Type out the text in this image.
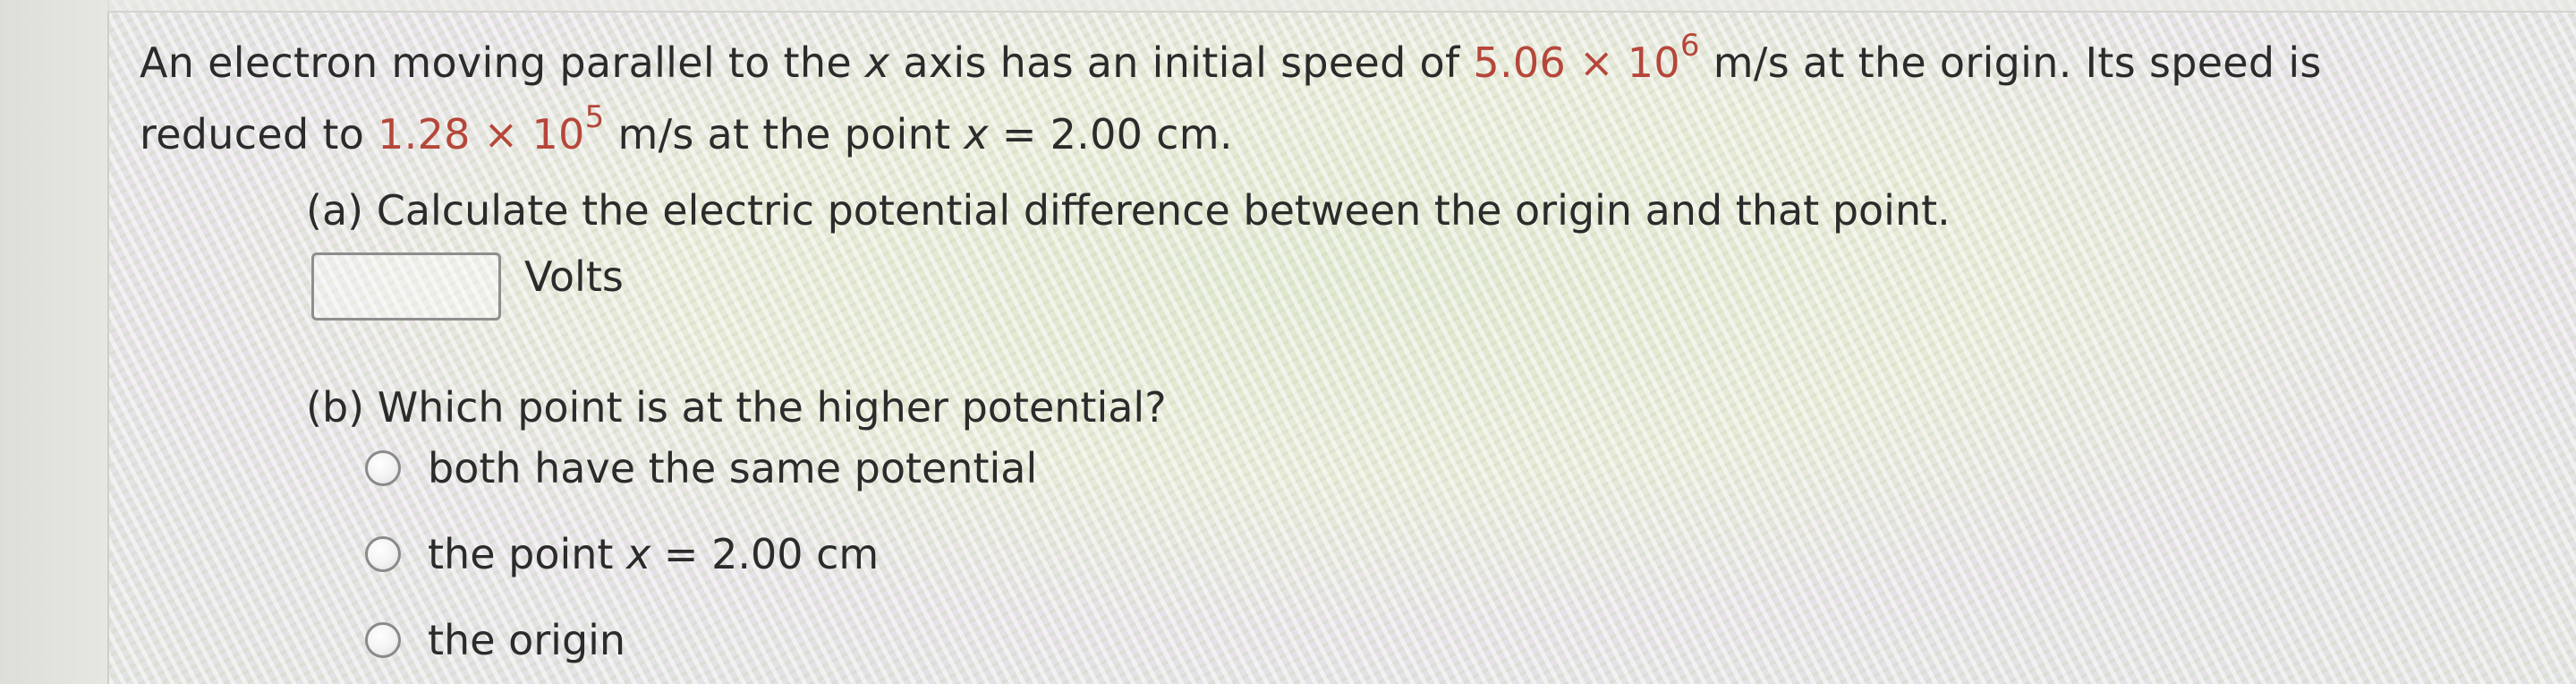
An electron moving parallel to the x axis has an initial speed of $5.06 \times 10^6$ m/s at the origin. Its speed is
reduced to $1.28 \times 10^5$ m/s at the point x = 2.00 cm.
(a) Calculate the electric potential difference between the origin and that point.
Volts
(b) Which point is at the higher potential?
both have the same potential
the point x = 2.00 cm
the origin
